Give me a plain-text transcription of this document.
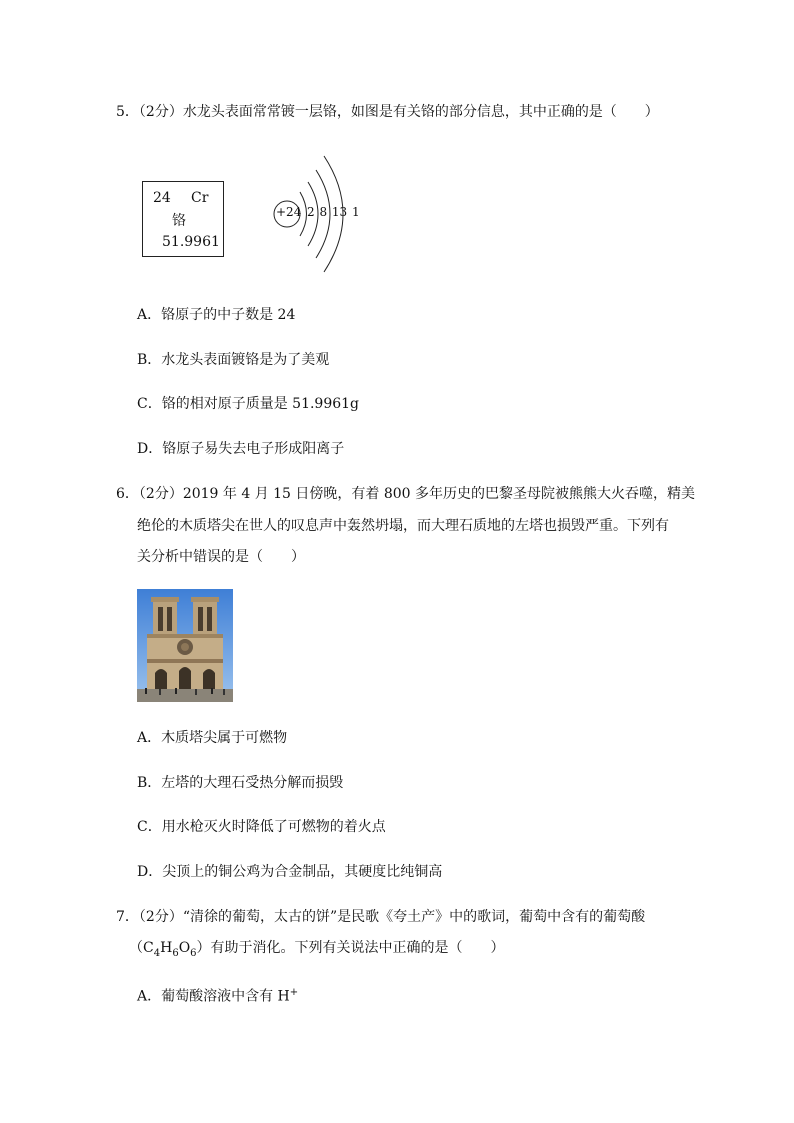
5．（2分）水龙头表面常常镀一层铬，如图是有关铬的部分信息，其中正确的是（　　）
24 Cr
铬
51.9961
+24 2 8 13 1
A．铬原子的中子数是 24
B．水龙头表面镀铬是为了美观
C．铬的相对原子质量是 51.9961g
D．铬原子易失去电子形成阳离子
6．（2分）2019 年 4 月 15 日傍晚，有着 800 多年历史的巴黎圣母院被熊熊大火吞噬，精美
绝伦的木质塔尖在世人的叹息声中轰然坍塌，而大理石质地的左塔也损毁严重。下列有
关分析中错误的是（　　）
A．木质塔尖属于可燃物
B．左塔的大理石受热分解而损毁
C．用水枪灭火时降低了可燃物的着火点
D．尖顶上的铜公鸡为合金制品，其硬度比纯铜高
7．（2分）“清徐的葡萄，太古的饼”是民歌《夸土产》中的歌词，葡萄中含有的葡萄酸
$(C_4H_6O_6)$有助于消化。下列有关说法中正确的是（　　）
A．葡萄酸溶液中含有 H+
